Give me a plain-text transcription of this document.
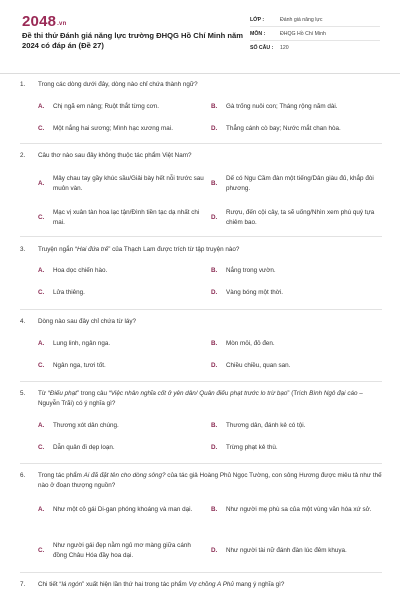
2048.vn
Đề thi thử Đánh giá năng lực trường ĐHQG Hồ Chí Minh năm 2024 có đáp án (Đề 27)
LỚP :	Đánh giá năng lực
MÔN :	ĐHQG Hồ Chí Minh
SỐ CÂU :	120
1.	Trong các dòng dưới đây, dòng nào chỉ chứa thành ngữ?
A.	Chị ngã em nâng; Ruột thắt từng cơn.	B.	Gà trống nuôi con; Tháng rộng năm dài.
C.	Một nắng hai sương; Mình hạc xương mai.	D.	Thẳng cánh cò bay; Nước mắt chan hòa.
2.	Câu thơ nào sau đây không thuộc tác phẩm Việt Nam?
A.
Mây chau tay gầy khúc sầu/Giải bày hết nỗi trước sau muôn vàn.
B.
Dế có Ngu Cầm đàn một tiếng/Dân giàu đủ, khắp đòi phương.
C.
Mạc vị xuân tàn hoa lạc tận/Đình tiền tạc dạ nhất chi mai.
D.
Rượu, đến cội cây, ta sẽ uống/Nhìn xem phú quý tựa chiêm bao.
3.	Truyện ngắn “Hai đứa trẻ” của Thạch Lam được trích từ tập truyện nào?
A.	Hoa dọc chiến hào.	B.	Nắng trong vườn.
C.	Lửa thiêng.	D.	Vàng bóng một thời.
4.	Dòng nào sau đây chỉ chứa từ láy?
A.	Lung linh, ngân nga.	B.	Mòn mỏi, đỏ đen.
C.	Ngân nga, tươi tốt.	D.	Chiều chiều, quan san.
5.	Từ “Điếu phạt” trong câu “Việc nhân nghĩa cốt ở yên dân/ Quân điếu phạt trước lo trừ bạo” (Trích Bình Ngô đại cáo – Nguyễn Trãi) có ý nghĩa gì?
A.	Thương xót dân chúng.	B.	Thương dân, đánh kẻ có tội.
C.	Dẫn quân đi dẹp loạn.	D.	Trừng phạt kẻ thù.
6.	Trong tác phẩm Ai đã đặt tên cho dòng sông? của tác giả Hoàng Phủ Ngọc Tường, con sông Hương được miêu tả như thế nào ở đoạn thượng nguồn?
A.	Như một cô gái Di-gan phóng khoáng và man dại.	B.	Như người mẹ phù sa của một vùng văn hóa xứ sở.
C.
Như người gái đẹp nằm ngủ mơ màng giữa cánh đồng Châu Hóa đầy hoa dại.
D.	Như người tài nữ đánh đàn lúc đêm khuya.
7.	Chi tiết “lá ngón” xuất hiện lần thứ hai trong tác phẩm Vợ chồng A Phủ mang ý nghĩa gì?
